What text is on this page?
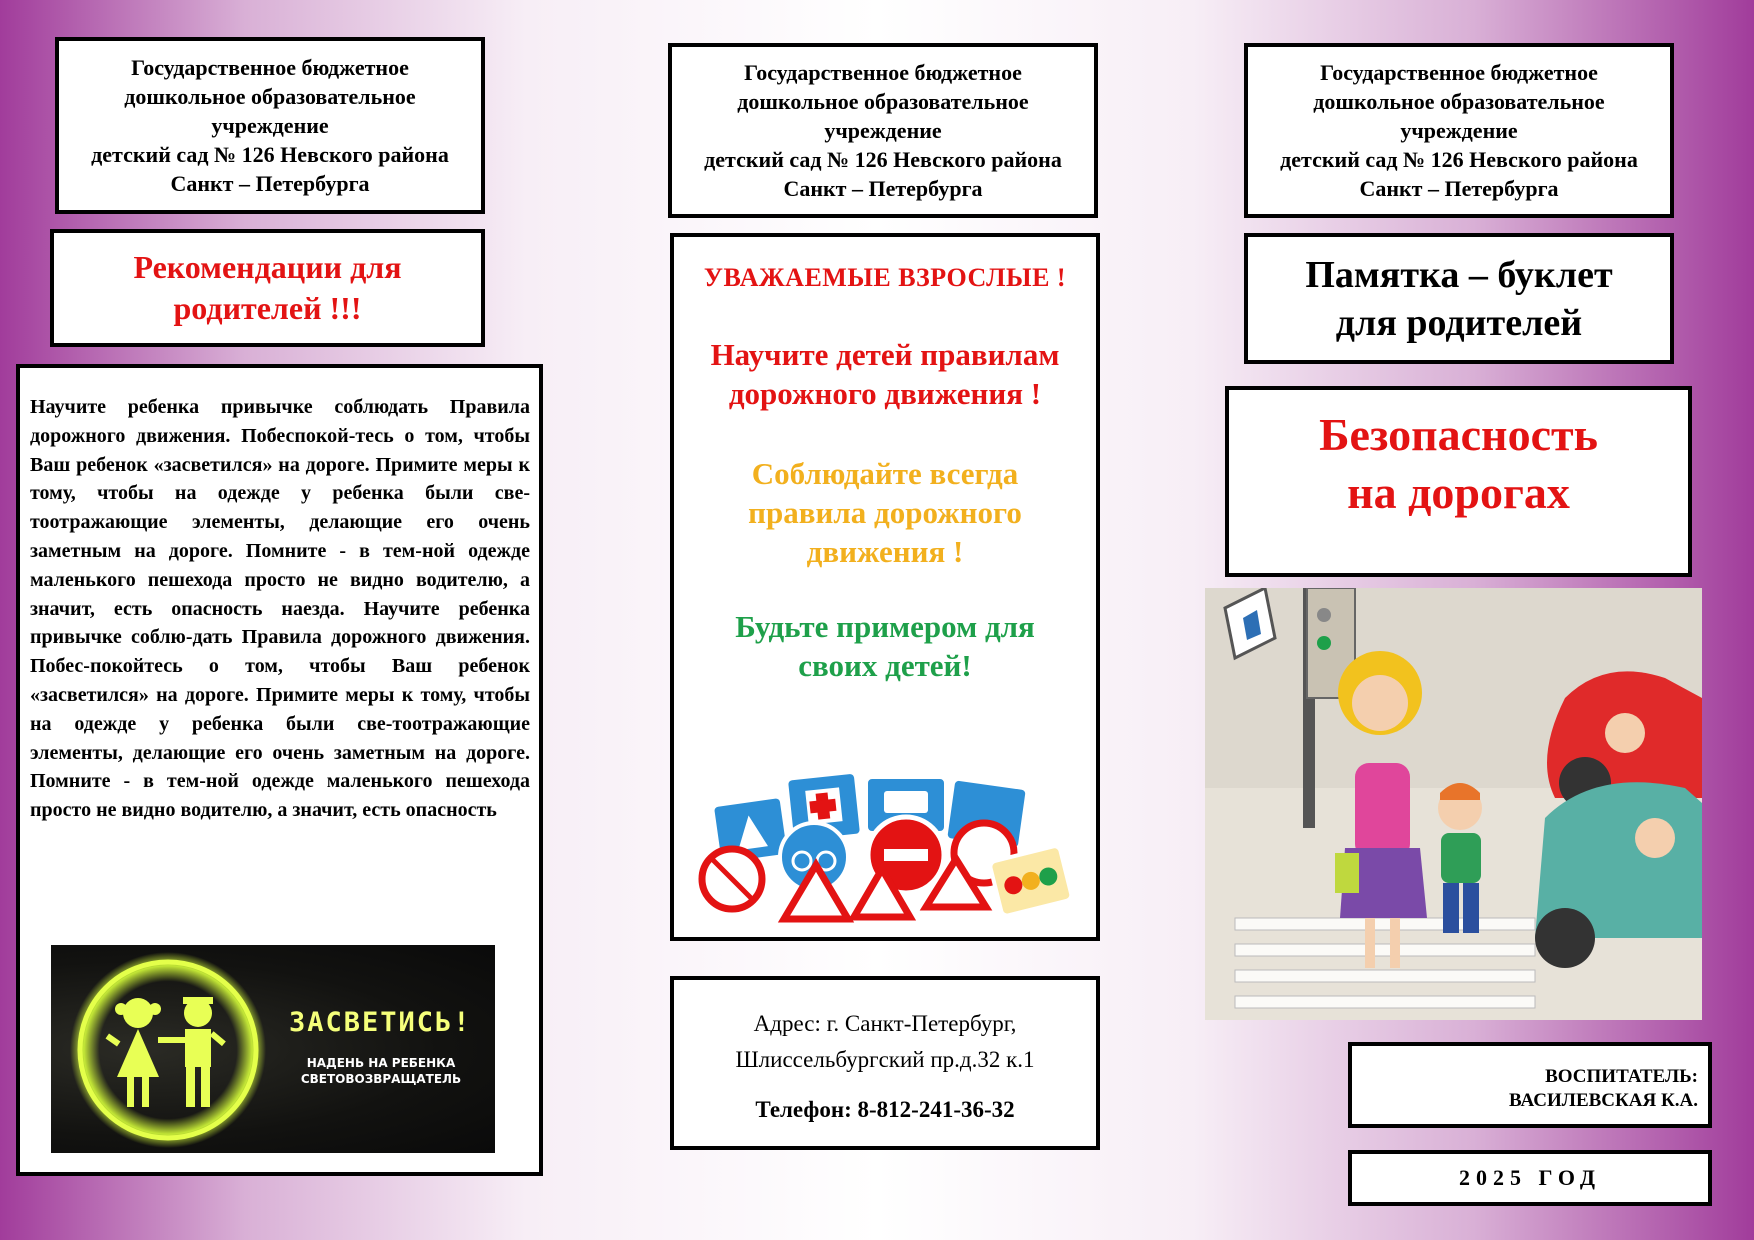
Государственное бюджетное
дошкольное образовательное
учреждение
детский сад № 126 Невского района
Санкт – Петербурга
Рекомендации для
родителей !!!
Научите ребенка привычке соблюдать Правила дорожного движения. Побеспокой-тесь о том, чтобы Ваш ребенок «засветился» на дороге. Примите меры к тому, чтобы на одежде у ребенка были све-тоотражающие элементы, делающие его очень заметным на дороге. Помните - в тем-ной одежде маленького пешехода просто не видно водителю, а значит, есть опасность наезда. Научите ребенка привычке соблю-дать Правила дорожного движения. Побес-покойтесь о том, чтобы Ваш ребенок «засветился» на дороге. Примите меры к тому, чтобы на одежде у ребенка были све-тоотражающие элементы, делающие его очень заметным на дороге. Помните - в тем-ной одежде маленького пешехода просто не видно водителю, а значит, есть опасность
ЗАСВЕТИСЬ!
НАДЕНЬ НА РЕБЕНКА
СВЕТОВОЗВРАЩАТЕЛЬ
Государственное бюджетное
дошкольное образовательное
учреждение
детский сад № 126 Невского района
Санкт – Петербурга
УВАЖАЕМЫЕ ВЗРОСЛЫЕ !
Научите детей правилам
дорожного движения !
Соблюдайте всегда
правила дорожного
движения !
Будьте примером для
своих детей!
Адрес: г. Санкт-Петербург,
Шлиссельбургский пр.д.32 к.1
Телефон: 8-812-241-36-32
Государственное бюджетное
дошкольное образовательное
учреждение
детский сад № 126 Невского района
Санкт – Петербурга
Памятка – буклет
для родителей
Безопасность
на дорогах
ВОСПИТАТЕЛЬ:
ВАСИЛЕВСКАЯ К.А.
2025 ГОД
